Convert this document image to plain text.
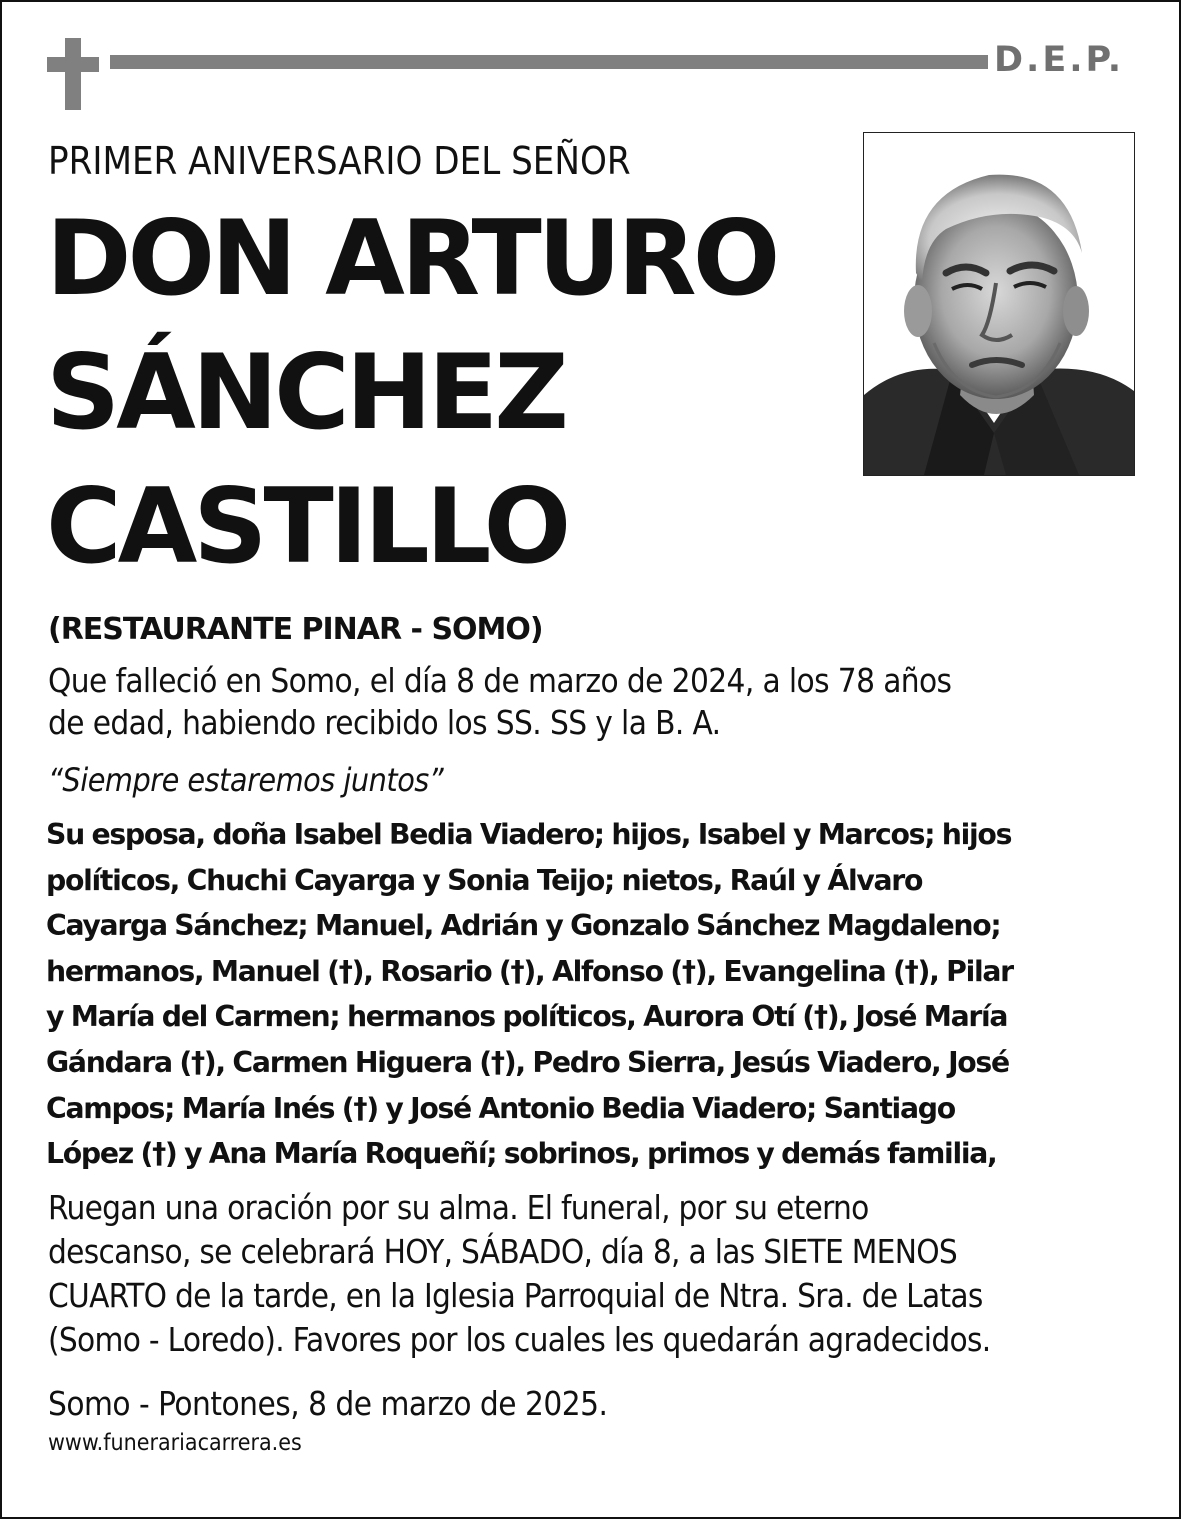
D.E.P.
PRIMER ANIVERSARIO DEL SEÑOR
DON ARTURO
SÁNCHEZ
CASTILLO
(RESTAURANTE PINAR - SOMO)
Que falleció en Somo, el día 8 de marzo de 2024, a los 78 años
de edad, habiendo recibido los SS. SS y la B. A.
“Siempre estaremos juntos”
Su esposa, doña Isabel Bedia Viadero; hijos, Isabel y Marcos; hijos
políticos, Chuchi Cayarga y Sonia Teijo; nietos, Raúl y Álvaro
Cayarga Sánchez; Manuel, Adrián y Gonzalo Sánchez Magdaleno;
hermanos, Manuel (†), Rosario (†), Alfonso (†), Evangelina (†), Pilar
y María del Carmen; hermanos políticos, Aurora Otí (†), José María
Gándara (†), Carmen Higuera (†), Pedro Sierra, Jesús Viadero, José
Campos; María Inés (†) y José Antonio Bedia Viadero; Santiago
López (†) y Ana María Roqueñí; sobrinos, primos y demás familia,
Ruegan una oración por su alma. El funeral, por su eterno
descanso, se celebrará HOY, SÁBADO, día 8, a las SIETE MENOS
CUARTO de la tarde, en la Iglesia Parroquial de Ntra. Sra. de Latas
(Somo - Loredo). Favores por los cuales les quedarán agradecidos.
Somo - Pontones, 8 de marzo de 2025.
www.funerariacarrera.es
